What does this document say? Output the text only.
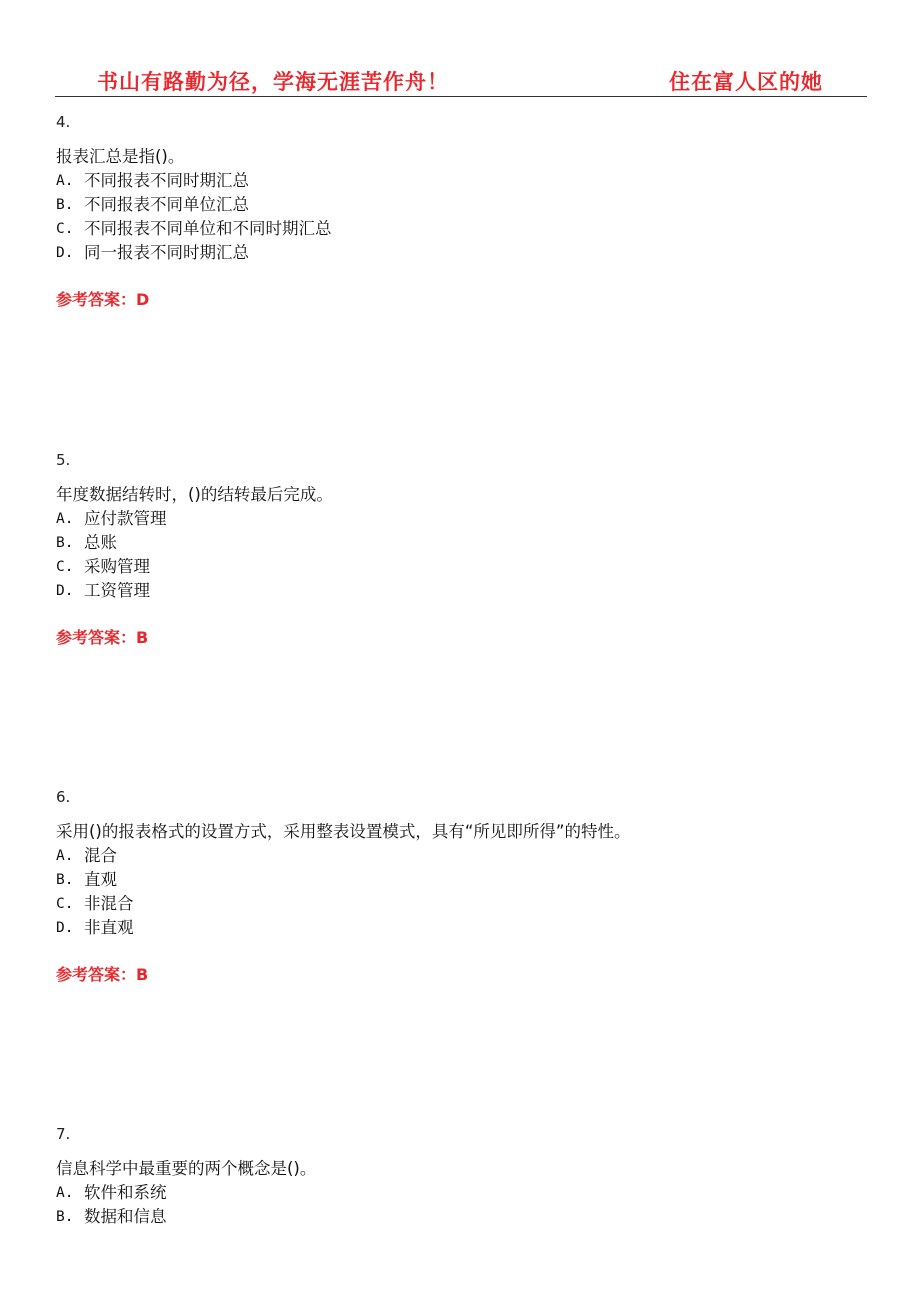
书山有路勤为径，学海无涯苦作舟！	住在富人区的她
4.
报表汇总是指()。
A. 不同报表不同时期汇总
B. 不同报表不同单位汇总
C. 不同报表不同单位和不同时期汇总
D. 同一报表不同时期汇总
参考答案：D
5.
年度数据结转时，()的结转最后完成。
A. 应付款管理
B. 总账
C. 采购管理
D. 工资管理
参考答案：B
6.
采用()的报表格式的设置方式，采用整表设置模式，具有“所见即所得”的特性。
A. 混合
B. 直观
C. 非混合
D. 非直观
参考答案：B
7.
信息科学中最重要的两个概念是()。
A. 软件和系统
B. 数据和信息
